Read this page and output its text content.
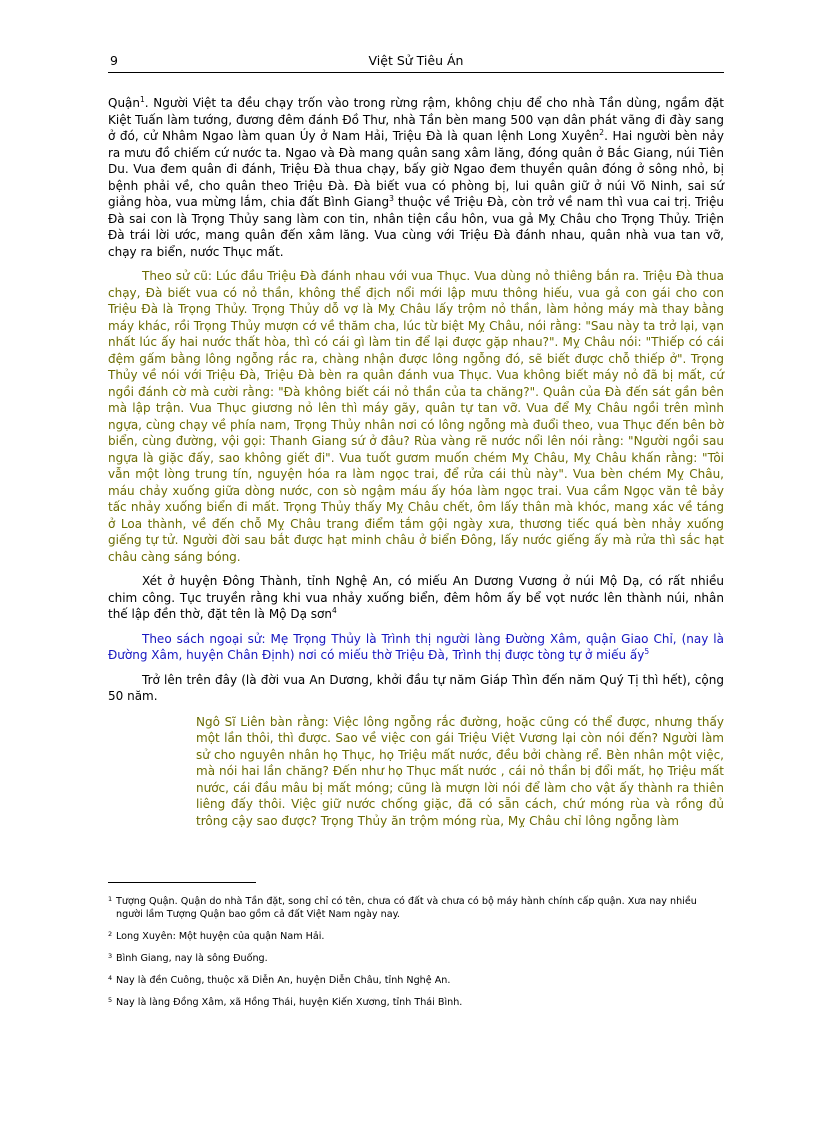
9	Việt Sử Tiêu Án

Quận$^1$. Người Việt ta đều chạy trốn vào trong rừng rậm, không chịu để cho nhà Tần dùng, ngầm đặt Kiệt Tuấn làm tướng, đương đêm đánh Đồ Thư, nhà Tần bèn mang 500 vạn dân phát vãng đi đày sang ở đó, cử Nhâm Ngao làm quan Úy ở Nam Hải, Triệu Đà là quan lệnh Long Xuyên$^2$. Hai người bèn nảy ra mưu đồ chiếm cứ nước ta. Ngao và Đà mang quân sang xâm lăng, đóng quân ở Bắc Giang, núi Tiên Du. Vua đem quân đi đánh, Triệu Đà thua chạy, bấy giờ Ngao đem thuyền quân đóng ở sông nhỏ, bị bệnh phải về, cho quân theo Triệu Đà. Đà biết vua có phòng bị, lui quân giữ ở núi Võ Ninh, sai sứ giảng hòa, vua mừng lắm, chia đất Bình Giang$^3$ thuộc về Triệu Đà, còn trở về nam thì vua cai trị. Triệu Đà sai con là Trọng Thủy sang làm con tin, nhân tiện cầu hôn, vua gả Mỵ Châu cho Trọng Thủy. Triện Đà trái lời ước, mang quân đến xâm lăng. Vua cùng với Triệu Đà đánh nhau, quân nhà vua tan vỡ, chạy ra biển, nước Thục mất.

Theo sử cũ: Lúc đầu Triệu Đà đánh nhau với vua Thục. Vua dùng nỏ thiêng bắn ra. Triệu Đà thua chạy, Đà biết vua có nỏ thần, không thể địch nổi mới lập mưu thông hiếu, vua gả con gái cho con Triệu Đà là Trọng Thủy. Trọng Thủy dỗ vợ là Mỵ Châu lấy trộm nỏ thần, làm hỏng máy mà thay bằng máy khác, rồi Trọng Thủy mượn cớ về thăm cha, lúc từ biệt Mỵ Châu, nói rằng: "Sau này ta trở lại, vạn nhất lúc ấy hai nước thất hòa, thì có cái gì làm tin để lại được gặp nhau?". Mỵ Châu nói: "Thiếp có cái đệm gấm bằng lông ngỗng rắc ra, chàng nhận được lông ngỗng đó, sẽ biết được chỗ thiếp ở". Trọng Thủy về nói với Triệu Đà, Triệu Đà bèn ra quân đánh vua Thục. Vua không biết máy nỏ đã bị mất, cứ ngồi đánh cờ mà cười rằng: "Đà không biết cái nỏ thần của ta chăng?". Quân của Đà đến sát gần bên mà lập trận. Vua Thục giương nỏ lên thì máy gãy, quân tự tan vỡ. Vua để Mỵ Châu ngồi trên mình ngựa, cùng chạy về phía nam, Trọng Thủy nhân nơi có lông ngỗng mà đuổi theo, vua Thục đến bên bờ biển, cùng đường, vội gọi: Thanh Giang sứ ở đâu? Rùa vàng rẽ nước nổi lên nói rằng: "Người ngồi sau ngựa là giặc đấy, sao không giết đi". Vua tuốt gươm muốn chém Mỵ Châu, Mỵ Châu khấn rằng: "Tôi vẫn một lòng trung tín, nguyện hóa ra làm ngọc trai, để rửa cái thù này". Vua bèn chém Mỵ Châu, máu chảy xuống giữa dòng nước, con sò ngậm máu ấy hóa làm ngọc trai. Vua cầm Ngọc văn tê bảy tấc nhảy xuống biển đi mất. Trọng Thủy thấy Mỵ Châu chết, ôm lấy thân mà khóc, mang xác về táng ở Loa thành, về đến chỗ Mỵ Châu trang điểm tắm gội ngày xưa, thương tiếc quá bèn nhảy xuống giếng tự tử. Người đời sau bắt được hạt minh châu ở biển Đông, lấy nước giếng ấy mà rửa thì sắc hạt châu càng sáng bóng.

Xét ở huyện Đông Thành, tỉnh Nghệ An, có miếu An Dương Vương ở núi Mộ Dạ, có rất nhiều chim công. Tục truyền rằng khi vua nhảy xuống biển, đêm hôm ấy bể vọt nước lên thành núi, nhân thế lập đền thờ, đặt tên là Mộ Dạ sơn$^4$

Theo sách ngoại sử: Mẹ Trọng Thủy là Trình thị người làng Đường Xâm, quận Giao Chỉ, (nay là Đường Xâm, huyện Chân Định) nơi có miếu thờ Triệu Đà, Trình thị được tòng tự ở miếu ấy$^5$

Trở lên trên đây (là đời vua An Dương, khởi đầu tự năm Giáp Thìn đến năm Quý Tị thì hết), cộng 50 năm.

Ngô Sĩ Liên bàn rằng: Việc lông ngỗng rắc đường, hoặc cũng có thể được, nhưng thấy một lần thôi, thì được. Sao về việc con gái Triệu Việt Vương lại còn nói đến? Người làm sử cho nguyên nhân họ Thục, họ Triệu mất nước, đều bởi chàng rể. Bèn nhân một việc, mà nói hai lần chăng? Đến như họ Thục mất nước , cái nỏ thần bị đổi mất, họ Triệu mất nước, cái đầu mâu bị mất móng; cũng là mượn lời nói để làm cho vật ấy thành ra thiên liêng đấy thôi. Việc giữ nước chống giặc, đã có sẵn cách, chứ móng rùa và rồng đủ trông cậy sao được? Trọng Thủy ăn trộm móng rùa, Mỵ Châu chỉ lông ngỗng làm

1 Tượng Quận. Quận do nhà Tần đặt, song chỉ có tên, chưa có đất và chưa có bộ máy hành chính cấp quận. Xưa nay nhiều người lầm Tượng Quận bao gồm cả đất Việt Nam ngày nay.

2 Long Xuyên: Một huyện của quận Nam Hải.

3 Bình Giang, nay là sông Đuống.

4 Nay là đền Cuông, thuộc xã Diễn An, huyện Diễn Châu, tỉnh Nghệ An.

5 Nay là làng Đồng Xâm, xã Hồng Thái, huyện Kiến Xương, tỉnh Thái Bình.
